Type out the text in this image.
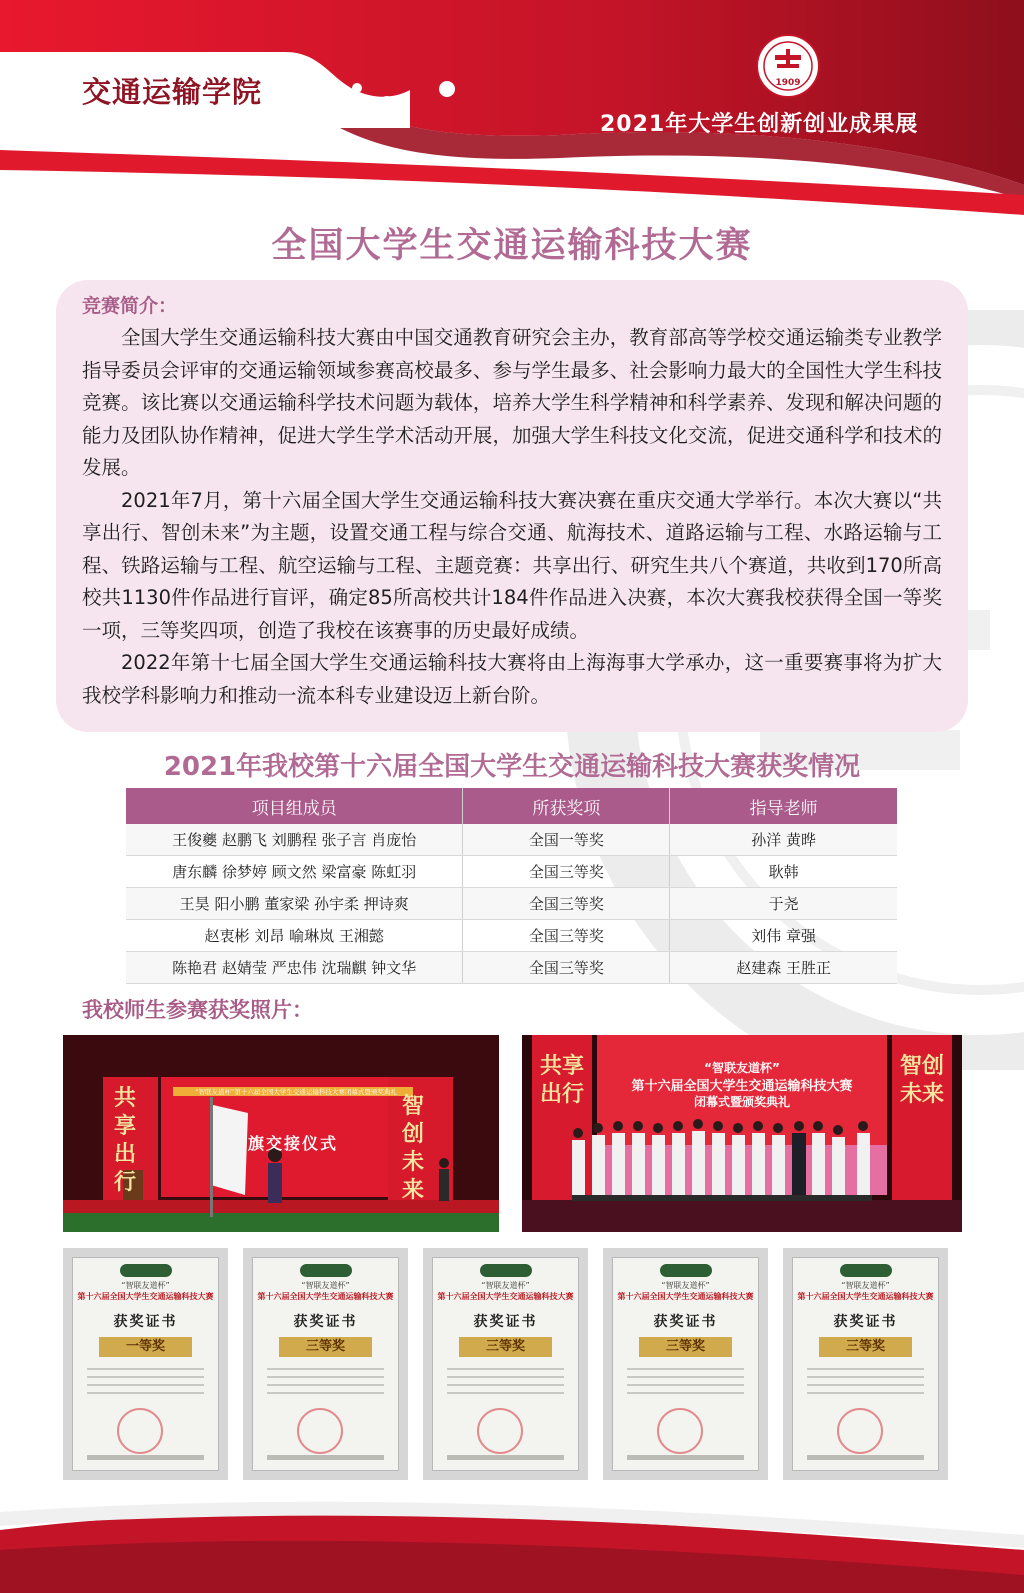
交通运输学院	1909
2021年大学生创新创业成果展
全国大学生交通运输科技大赛
竞赛简介：

全国大学生交通运输科技大赛由中国交通教育研究会主办，教育部高等学校交通运输类专业教学指导委员会评审的交通运输领域参赛高校最多、参与学生最多、社会影响力最大的全国性大学生科技竞赛。该比赛以交通运输科学技术问题为载体，培养大学生科学精神和科学素养、发现和解决问题的能力及团队协作精神，促进大学生学术活动开展，加强大学生科技文化交流，促进交通科学和技术的发展。

2021年7月，第十六届全国大学生交通运输科技大赛决赛在重庆交通大学举行。本次大赛以“共享出行、智创未来”为主题，设置交通工程与综合交通、航海技术、道路运输与工程、水路运输与工程、铁路运输与工程、航空运输与工程、主题竞赛：共享出行、研究生共八个赛道，共收到170所高校共1130件作品进行盲评，确定85所高校共计184件作品进入决赛，本次大赛我校获得全国一等奖一项，三等奖四项，创造了我校在该赛事的历史最好成绩。

2022年第十七届全国大学生交通运输科技大赛将由上海海事大学承办，这一重要赛事将为扩大我校学科影响力和推动一流本科专业建设迈上新台阶。

2021年我校第十六届全国大学生交通运输科技大赛获奖情况
项目组成员	所获奖项	指导老师
王俊夔 赵鹏飞 刘鹏程 张子言 肖庞怡	全国一等奖	孙洋 黄晔
唐东麟 徐梦婷 顾文然 梁富豪 陈虹羽	全国三等奖	耿韩
王昊 阳小鹏 董家梁 孙宇柔 押诗爽	全国三等奖	于尧
赵衷彬 刘昂 喻琳岚 王湘懿	全国三等奖	刘伟 章强
陈艳君 赵婧莹 严忠伟 沈瑞麒 钟文华	全国三等奖	赵建森 王胜正
我校师生参赛获奖照片：
共享出行
智创未来
“智联友道杯”第十六届全国大学生交通运输科技大赛闭幕式暨颁奖典礼
旗交接仪式
共享出行
智创未来
“智联友道杯”
第十六届全国大学生交通运输科技大赛
闭幕式暨颁奖典礼
“智联友道杯”
第十六届全国大学生交通运输科技大赛
获奖证书
一等奖
“智联友道杯”
第十六届全国大学生交通运输科技大赛
获奖证书
三等奖
“智联友道杯”
第十六届全国大学生交通运输科技大赛
获奖证书
三等奖
“智联友道杯”
第十六届全国大学生交通运输科技大赛
获奖证书
三等奖
“智联友道杯”
第十六届全国大学生交通运输科技大赛
获奖证书
三等奖
